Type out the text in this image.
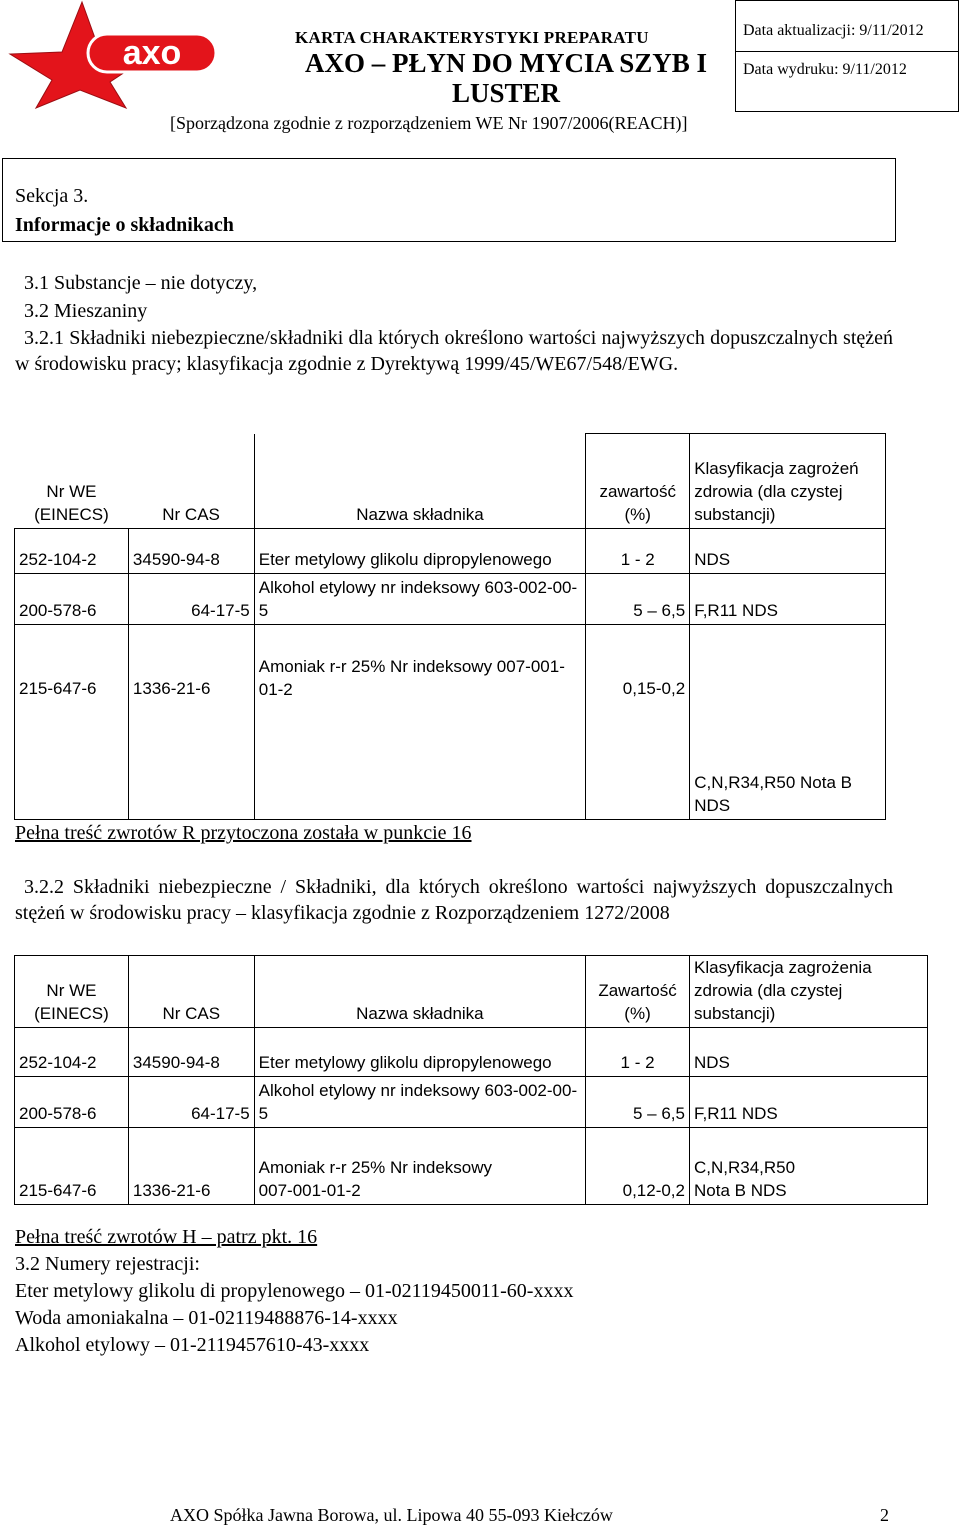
axo	KARTA CHARAKTERYSTYKI PREPARATU
AXO – PŁYN DO MYCIA SZYB I LUSTER
[Sporządzona zgodnie z rozporządzeniem WE Nr 1907/2006(REACH)]
Data aktualizacji: 9/11/2012
Data wydruku: 9/11/2012
Sekcja 3.
Informacje o składnikach
3.1 Substancje – nie dotyczy,
3.2 Mieszaniny
3.2.1 Składniki niebezpieczne/składniki dla których określono wartości najwyższych dopuszczalnych stężeń w środowisku pracy; klasyfikacja zgodnie z Dyrektywą 1999/45/WE67/548/EWG.
Nr WE (EINECS)	Nr CAS	Nazwa składnika	zawartość (%)	Klasyfikacja zagrożeń zdrowia (dla czystej substancji)
252-104-2	34590-94-8	Eter metylowy glikolu dipropylenowego	1 - 2	NDS
200-578-6	64-17-5	Alkohol etylowy nr indeksowy 603-002-00-5	5 – 6,5	F,R11 NDS
215-647-6	1336-21-6	Amoniak r-r 25% Nr indeksowy 007-001-01-2	0,15-0,2	C,N,R34,R50 Nota B NDS
Pełna treść zwrotów R przytoczona została w punkcie 16
3.2.2 Składniki niebezpieczne / Składniki, dla których określono wartości najwyższych dopuszczalnych stężeń w środowisku pracy – klasyfikacja zgodnie z Rozporządzeniem 1272/2008
Nr WE (EINECS)	Nr CAS	Nazwa składnika	Zawartość (%)	Klasyfikacja zagrożenia zdrowia (dla czystej substancji)
252-104-2	34590-94-8	Eter metylowy glikolu dipropylenowego	1 - 2	NDS
200-578-6	64-17-5	Alkohol etylowy nr indeksowy 603-002-00-5	5 – 6,5	F,R11 NDS
215-647-6	1336-21-6	Amoniak r-r 25% Nr indeksowy 007-001-01-2	0,12-0,2	C,N,R34,R50 Nota B NDS
Pełna treść zwrotów H – patrz pkt. 16
3.2 Numery rejestracji:
Eter metylowy glikolu di propylenowego – 01-02119450011-60-xxxx
Woda amoniakalna – 01-02119488876-14-xxxx
Alkohol etylowy – 01-2119457610-43-xxxx
AXO Spółka Jawna Borowa, ul. Lipowa 40 55-093 Kiełczów	2
